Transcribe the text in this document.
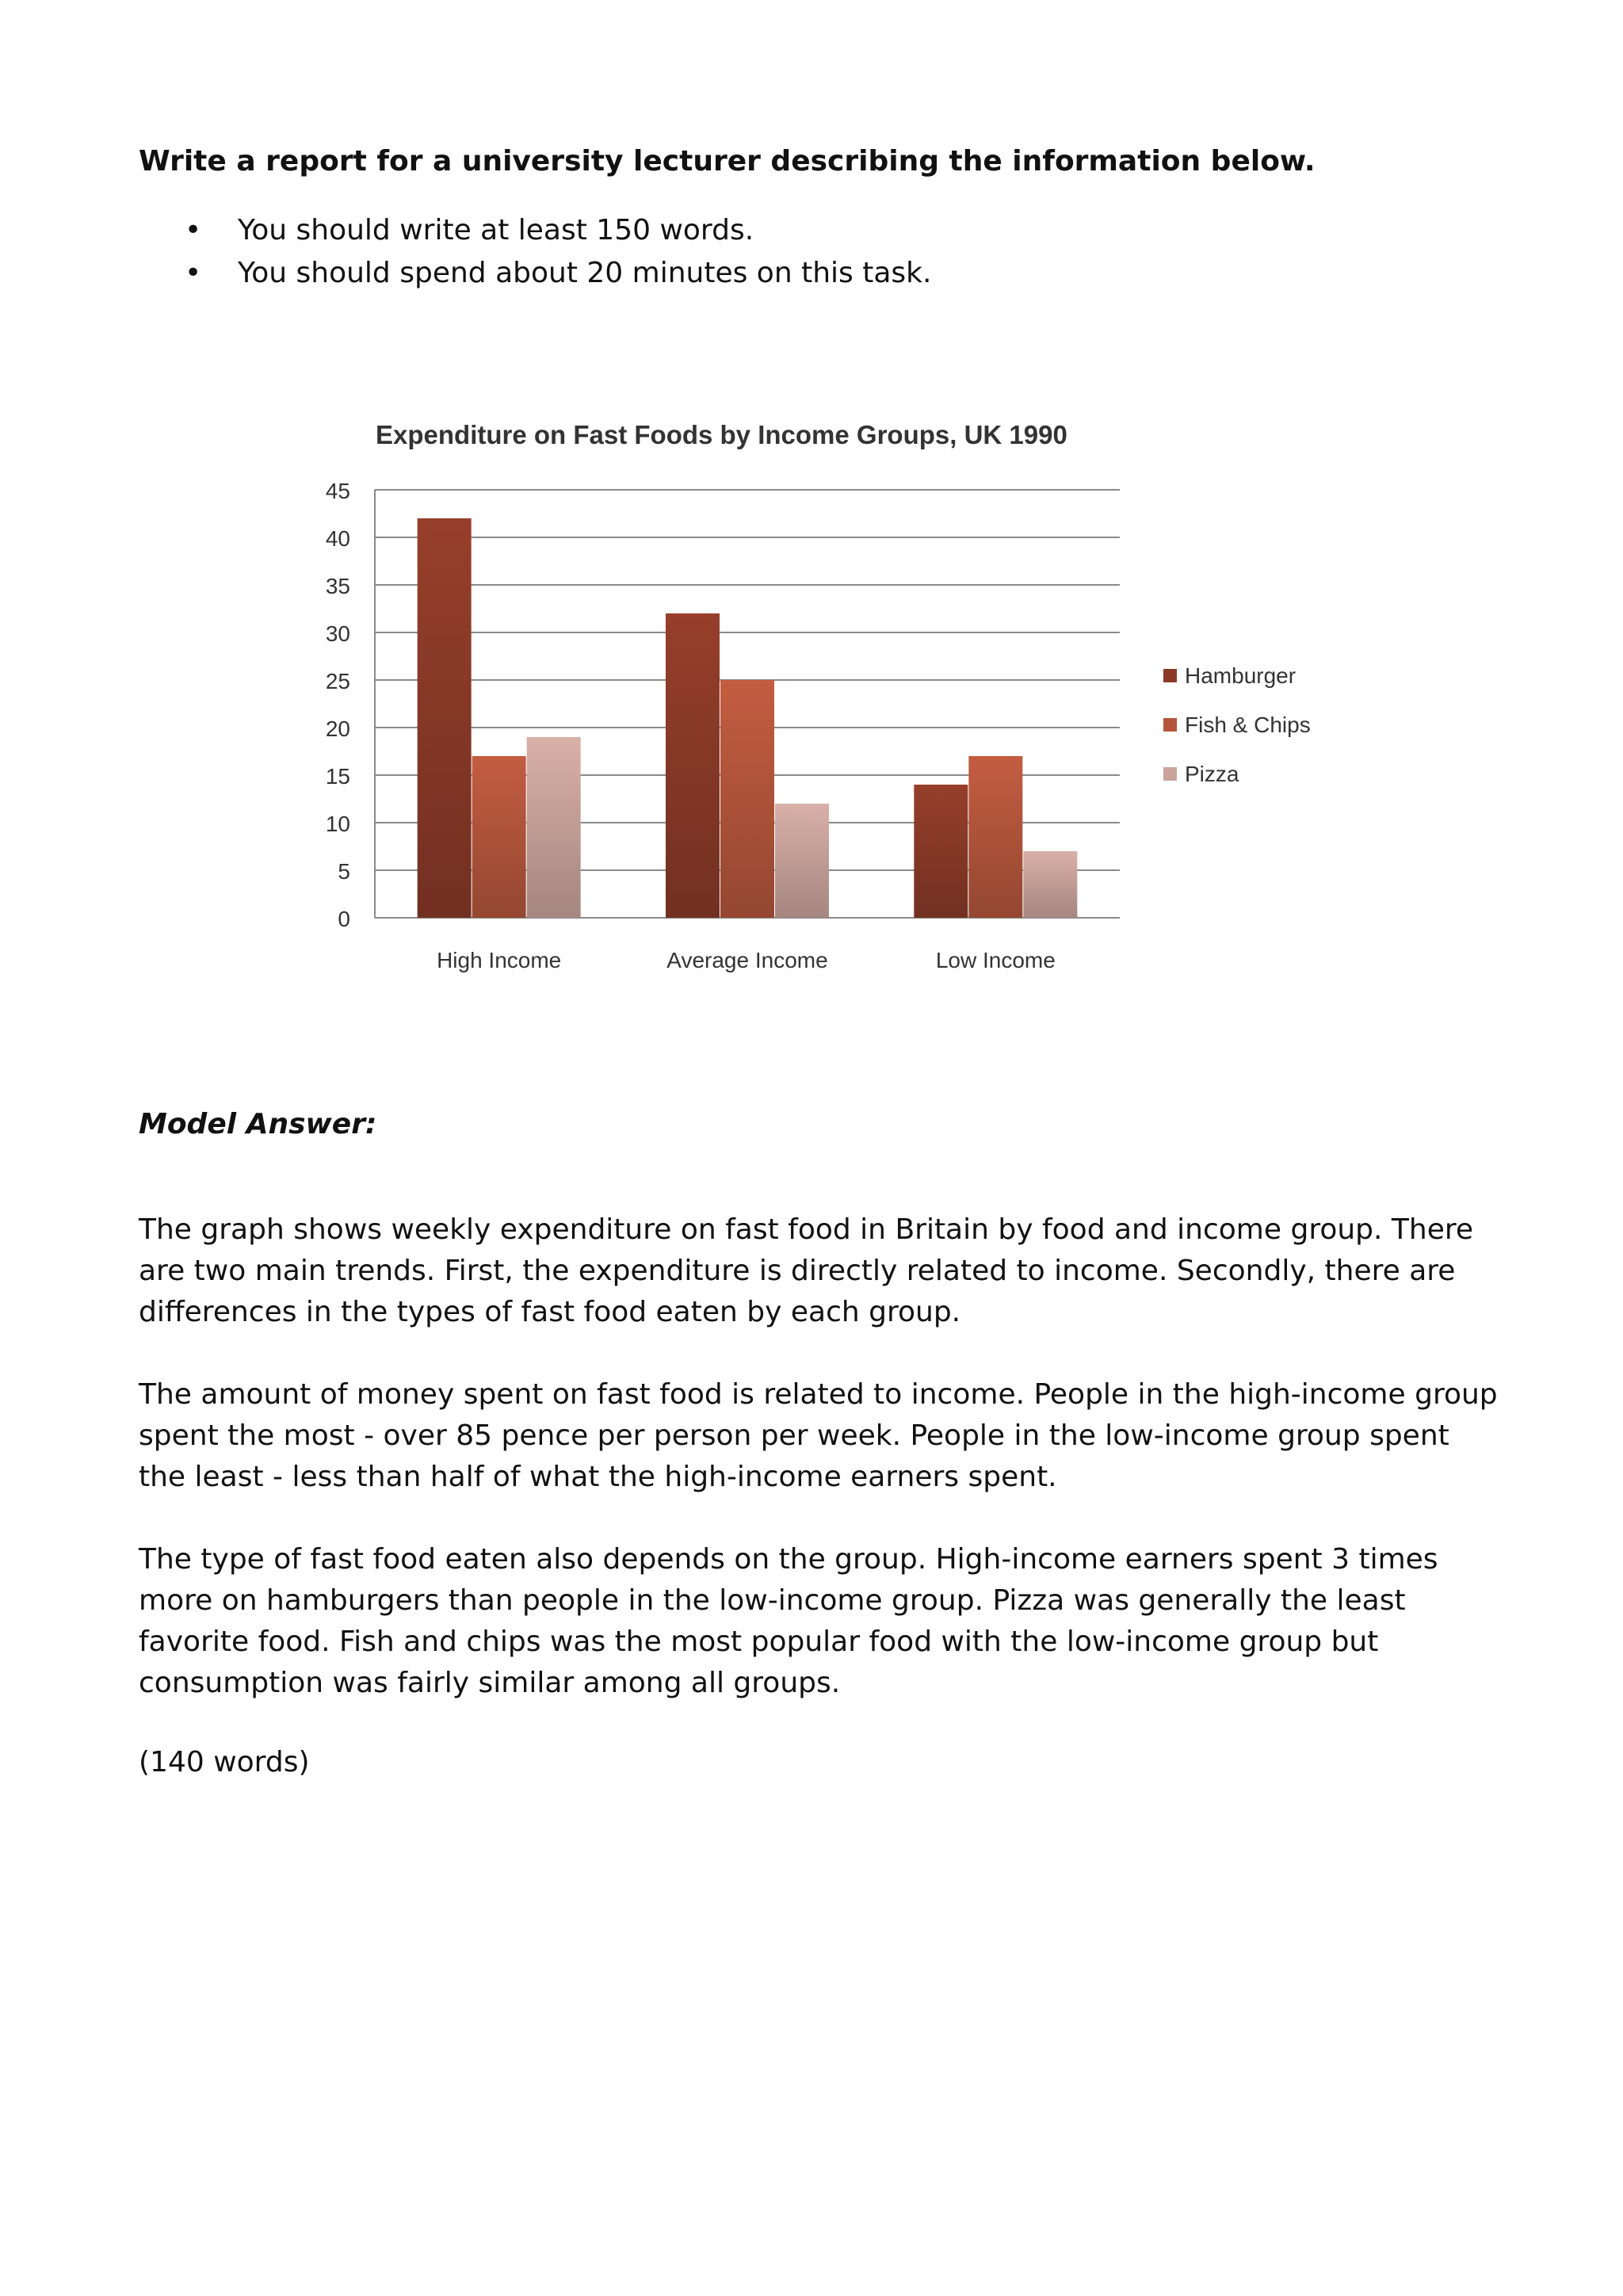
Write a report for a university lecturer describing the information below.

• You should write at least 150 words.
• You should spend about 20 minutes on this task.
Expenditure on Fast Foods by Income Groups, UK 1990
0
5
10
15
20
25
30
35
40
45
High Income	Average Income	Low Income
Hamburger
Fish & Chips
Pizza

Model Answer:

The graph shows weekly expenditure on fast food in Britain by food and income group. There are two main trends. First, the expenditure is directly related to income. Secondly, there are differences in the types of fast food eaten by each group.

The amount of money spent on fast food is related to income. People in the high-income group spent the most - over 85 pence per person per week. People in the low-income group spent the least - less than half of what the high-income earners spent.

The type of fast food eaten also depends on the group. High-income earners spent 3 times more on hamburgers than people in the low-income group. Pizza was generally the least favorite food. Fish and chips was the most popular food with the low-income group but consumption was fairly similar among all groups.

(140 words)
